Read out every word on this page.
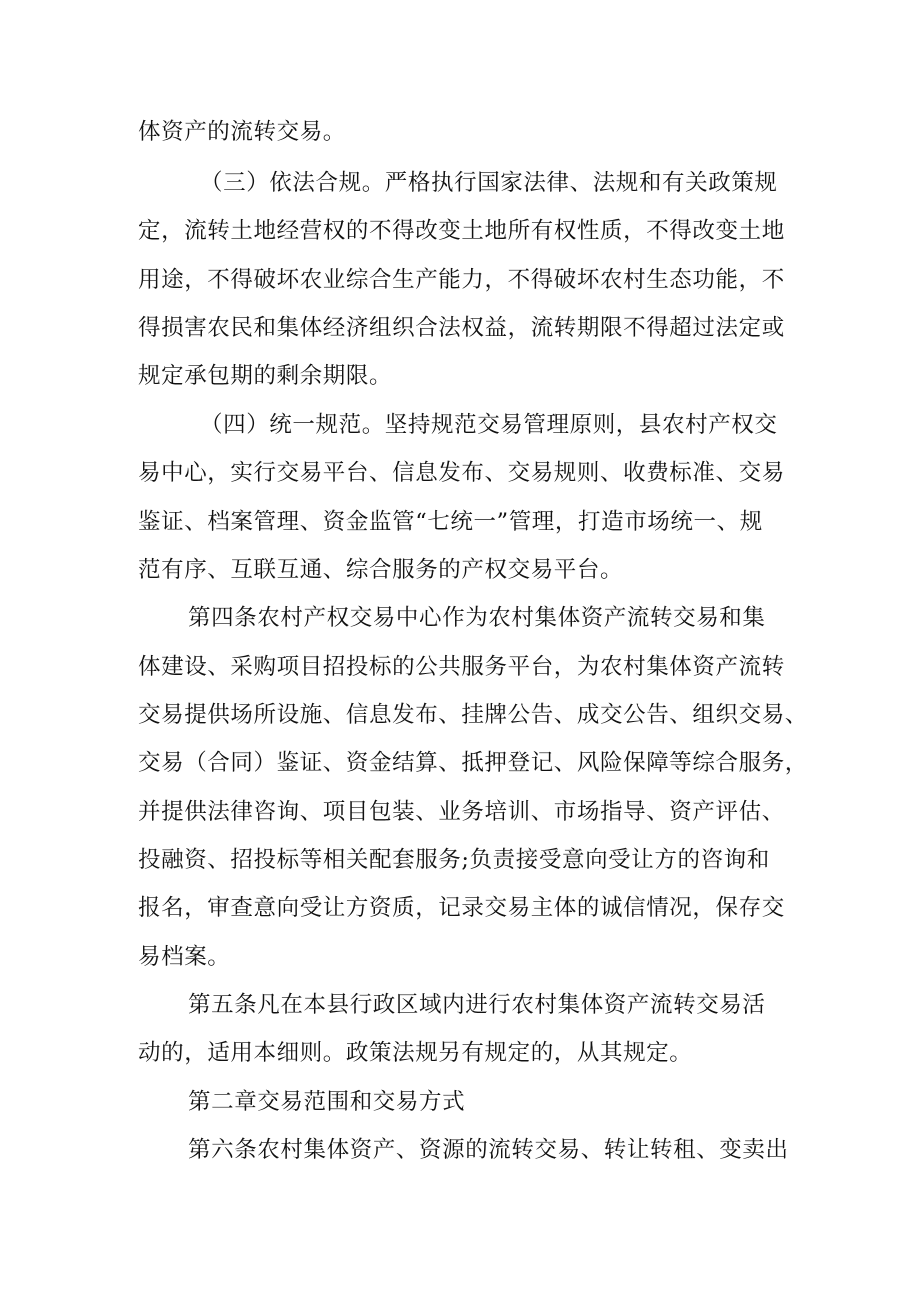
体资产的流转交易。
（三）依法合规。严格执行国家法律、法规和有关政策规
定，流转土地经营权的不得改变土地所有权性质，不得改变土地
用途，不得破坏农业综合生产能力，不得破坏农村生态功能，不
得损害农民和集体经济组织合法权益，流转期限不得超过法定或
规定承包期的剩余期限。
（四）统一规范。坚持规范交易管理原则，县农村产权交
易中心，实行交易平台、信息发布、交易规则、收费标准、交易
鉴证、档案管理、资金监管“七统一”管理，打造市场统一、规
范有序、互联互通、综合服务的产权交易平台。
第四条农村产权交易中心作为农村集体资产流转交易和集
体建设、采购项目招投标的公共服务平台，为农村集体资产流转
交易提供场所设施、信息发布、挂牌公告、成交公告、组织交易、
交易（合同）鉴证、资金结算、抵押登记、风险保障等综合服务，
并提供法律咨询、项目包装、业务培训、市场指导、资产评估、
投融资、招投标等相关配套服务;负责接受意向受让方的咨询和
报名，审查意向受让方资质，记录交易主体的诚信情况，保存交
易档案。
第五条凡在本县行政区域内进行农村集体资产流转交易活
动的，适用本细则。政策法规另有规定的，从其规定。
第二章交易范围和交易方式
第六条农村集体资产、资源的流转交易、转让转租、变卖出
